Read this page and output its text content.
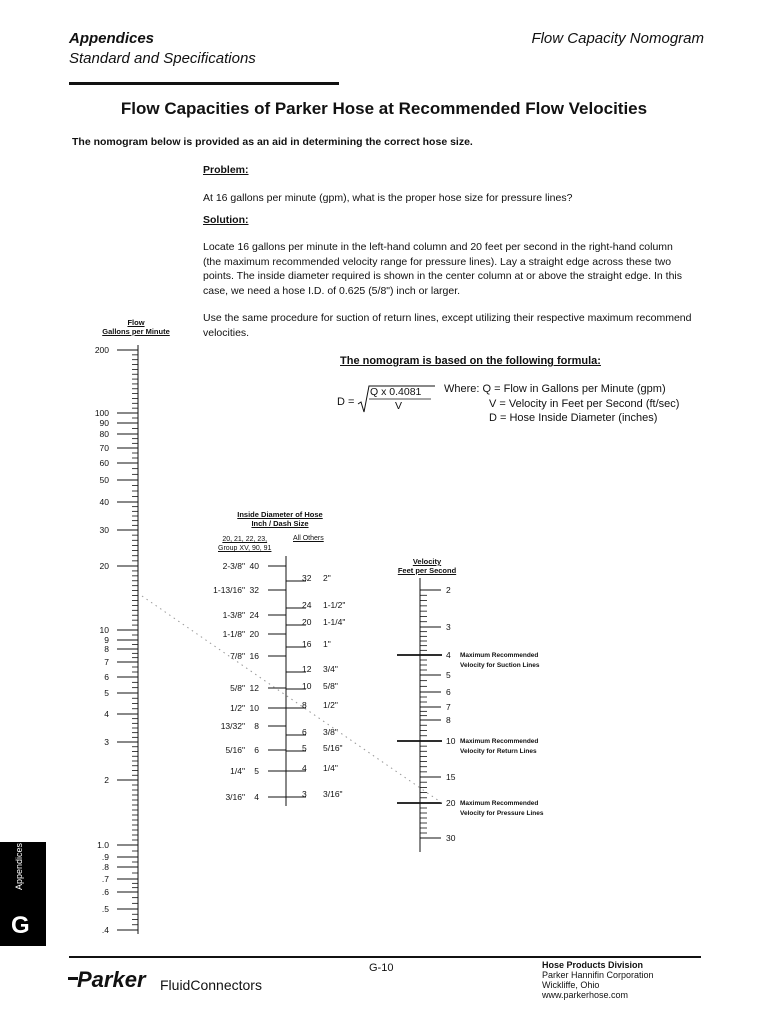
Appendices
Standard and Specifications
Flow Capacity Nomogram
Flow Capacities of Parker Hose at Recommended Flow Velocities
The nomogram below is provided as an aid in determining the correct hose size.
Problem:
At 16 gallons per minute (gpm), what is the proper hose size for pressure lines?
Solution:
Locate 16 gallons per minute in the left-hand column and 20 feet per second in the right-hand column (the maximum recommended velocity range for pressure lines). Lay a straight edge across these two points. The inside diameter required is shown in the center column at or above the straight edge. In this case, we need a hose I.D. of 0.625 (5/8") inch or larger.
Use the same procedure for suction of return lines, except utilizing their respective maximum recommend velocities.
The nomogram is based on the following formula:
D =
Q x 0.4081
V
Where: Q = Flow in Gallons per Minute (gpm)
V = Velocity in Feet per Second (ft/sec)
D = Hose Inside Diameter (inches)
Flow
Gallons per Minute
Inside Diameter of Hose
Inch / Dash Size
20, 21, 22, 23,
Group XV, 90, 91
All Others
Velocity
Feet per Second
200
100
90
80
70
60
50
40
30
20
10
9
8
7
6
5
4
3
2
1.0
.9
.8
.7
.6
.5
.4
2-3/8" 40
1-13/16" 32
1-3/8" 24
1-1/8" 20
7/8" 16
5/8" 12
1/2" 10
13/32" 8
5/16" 6
1/4" 5
3/16" 4
32 2"
24 1-1/2"
20 1-1/4"
16 1"
12 3/4"
10 5/8"
8 1/2"
6 3/8"
5 5/16"
4 1/4"
3 3/16"
2
3
4
5
6
7
8
10
15
20
30
Maximum Recommended
Velocity for Suction Lines
Maximum Recommended
Velocity for Return Lines
Maximum Recommended
Velocity for Pressure Lines
Appendices
G
Parker FluidConnectors
G-10	Hose Products Division
Parker Hannifin Corporation
Wickliffe, Ohio
www.parkerhose.com
